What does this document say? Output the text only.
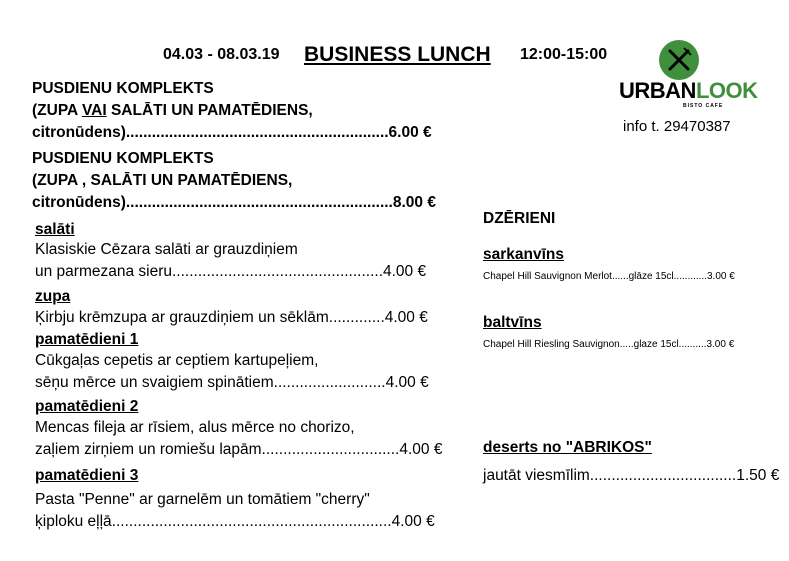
04.03 - 08.03.19 BUSINESS LUNCH 12:00-15:00
URBANLOOK
BISTO CAFE
info t. 29470387
PUSDIENU KOMPLEKTS
(ZUPA VAI SALĀTI UN PAMATĒDIENS,
citronūdens).............................................................6.00 €
PUSDIENU KOMPLEKTS
(ZUPA , SALĀTI UN PAMATĒDIENS,
citronūdens)..............................................................8.00 €
salāti
Klasiskie Cēzara salāti ar grauzdiņiem
un parmezana sieru.................................................4.00 €
zupa
Ķirbju krēmzupa ar grauzdiņiem un sēklām.............4.00 €
pamatēdieni 1
Cūkgaļas cepetis ar ceptiem kartupeļiem,
sēņu mērce un svaigiem spinātiem..........................4.00 €
pamatēdieni 2
Mencas fileja ar rīsiem, alus mērce no chorizo,
zaļiem zirņiem un romiešu lapām................................4.00 €
pamatēdieni 3
Pasta "Penne" ar garnelēm un tomātiem "cherry"
ķiploku eļļā.................................................................4.00 €
DZĒRIENI
sarkanvīns
Chapel Hill Sauvignon Merlot......glāze 15cl............3.00 €
baltvīns
Chapel Hill Riesling Sauvignon.....glaze 15cl..........3.00 €
deserts no "ABRIKOS"
jautāt viesmīlim..................................1.50 €
